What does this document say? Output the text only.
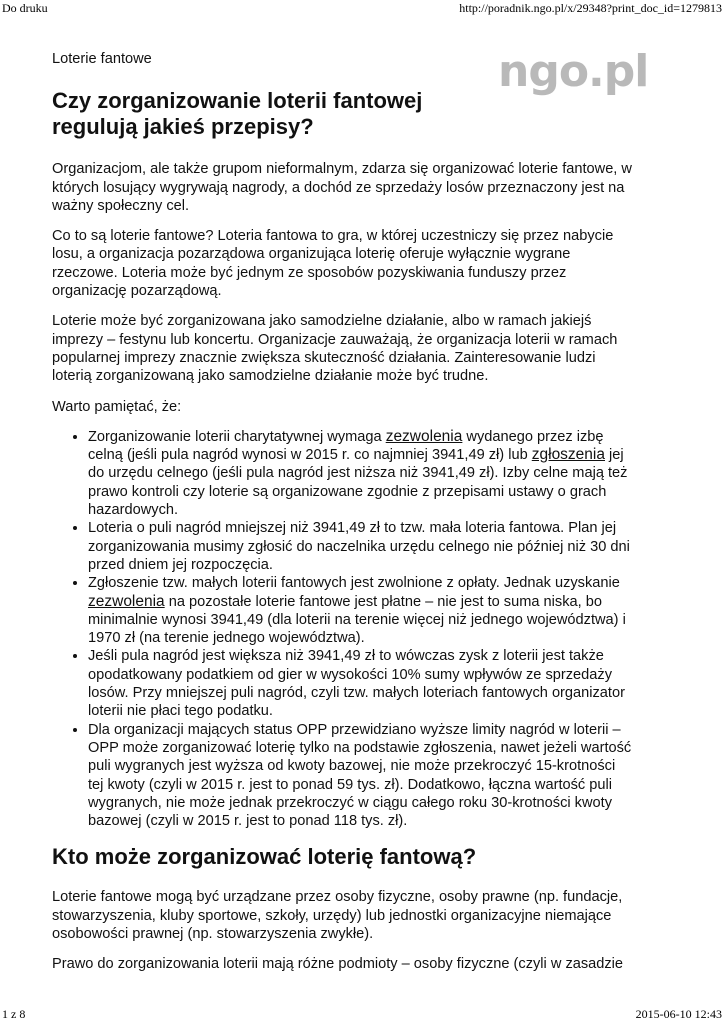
Do druku	http://poradnik.ngo.pl/x/29348?print_doc_id=1279813
ngo.pl
Loterie fantowe
Czy zorganizowanie loterii fantowej regulują jakieś przepisy?

Organizacjom, ale także grupom nieformalnym, zdarza się organizować loterie fantowe, w których losujący wygrywają nagrody, a dochód ze sprzedaży losów przeznaczony jest na ważny społeczny cel.

Co to są loterie fantowe? Loteria fantowa to gra, w której uczestniczy się przez nabycie losu, a organizacja pozarządowa organizująca loterię oferuje wyłącznie wygrane rzeczowe. Loteria może być jednym ze sposobów pozyskiwania funduszy przez organizację pozarządową.

Loterie może być zorganizowana jako samodzielne działanie, albo w ramach jakiejś imprezy – festynu lub koncertu. Organizacje zauważają, że organizacja loterii w ramach popularnej imprezy znacznie zwiększa skuteczność działania. Zainteresowanie ludzi loterią zorganizowaną jako samodzielne działanie może być trudne.

Warto pamiętać, że:

• Zorganizowanie loterii charytatywnej wymaga zezwolenia wydanego przez izbę celną (jeśli pula nagród wynosi w 2015 r. co najmniej 3941,49 zł) lub zgłoszenia jej do urzędu celnego (jeśli pula nagród jest niższa niż 3941,49 zł). Izby celne mają też prawo kontroli czy loterie są organizowane zgodnie z przepisami ustawy o grach hazardowych.
• Loteria o puli nagród mniejszej niż 3941,49 zł to tzw. mała loteria fantowa. Plan jej zorganizowania musimy zgłosić do naczelnika urzędu celnego nie później niż 30 dni przed dniem jej rozpoczęcia.
• Zgłoszenie tzw. małych loterii fantowych jest zwolnione z opłaty. Jednak uzyskanie zezwolenia na pozostałe loterie fantowe jest płatne – nie jest to suma niska, bo minimalnie wynosi 3941,49 (dla loterii na terenie więcej niż jednego województwa) i 1970 zł (na terenie jednego województwa).
• Jeśli pula nagród jest większa niż 3941,49 zł to wówczas zysk z loterii jest także opodatkowany podatkiem od gier w wysokości 10% sumy wpływów ze sprzedaży losów. Przy mniejszej puli nagród, czyli tzw. małych loteriach fantowych organizator loterii nie płaci tego podatku.
• Dla organizacji mających status OPP przewidziano wyższe limity nagród w loterii –OPP może zorganizować loterię tylko na podstawie zgłoszenia, nawet jeżeli wartość puli wygranych jest wyższa od kwoty bazowej, nie może przekroczyć 15-krotności tej kwoty (czyli w 2015 r. jest to ponad 59 tys. zł). Dodatkowo, łączna wartość puli wygranych, nie może jednak przekroczyć w ciągu całego roku 30-krotności kwoty bazowej (czyli w 2015 r. jest to ponad 118 tys. zł).
Kto może zorganizować loterię fantową?

Loterie fantowe mogą być urządzane przez osoby fizyczne, osoby prawne (np. fundacje, stowarzyszenia, kluby sportowe, szkoły, urzędy) lub jednostki organizacyjne niemające osobowości prawnej (np. stowarzyszenia zwykłe).

Prawo do zorganizowania loterii mają różne podmioty – osoby fizyczne (czyli w zasadzie

1 z 8	2015-06-10 12:43
